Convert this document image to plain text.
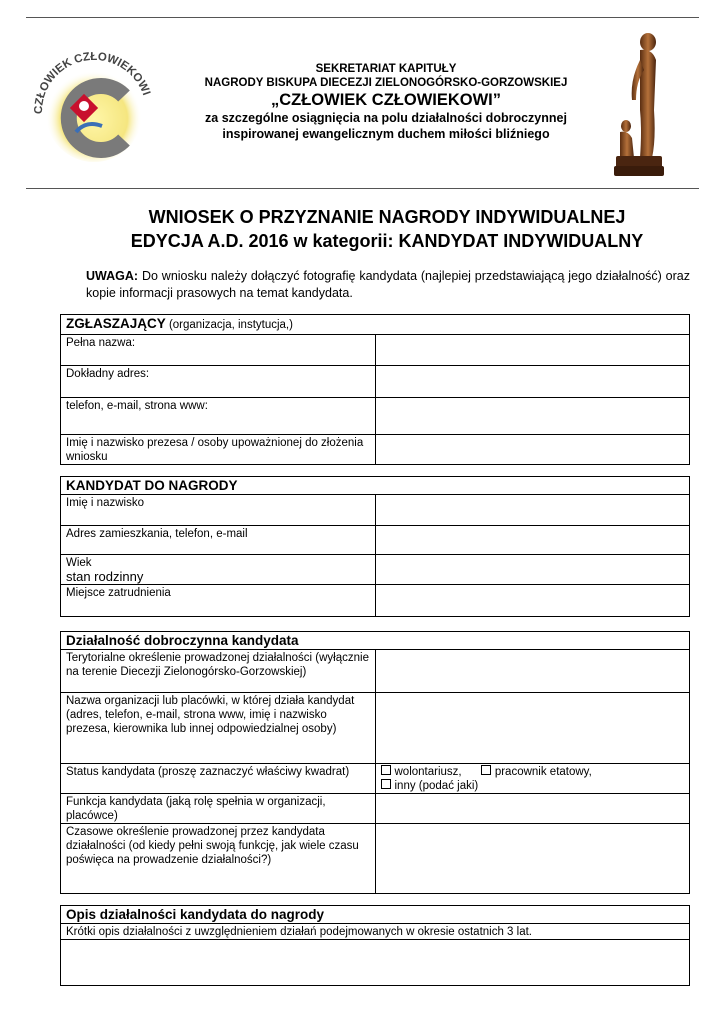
CZŁOWIEK CZŁOWIEKOWI
SEKRETARIAT KAPITUŁY
NAGRODY BISKUPA DIECEZJI ZIELONOGÓRSKO-GORZOWSKIEJ
„CZŁOWIEK CZŁOWIEKOWI”
za szczególne osiągnięcia na polu działalności dobroczynnej
inspirowanej ewangelicznym duchem miłości bliźniego
WNIOSEK O PRZYZNANIE NAGRODY INDYWIDUALNEJ
EDYCJA A.D. 2016 w kategorii: KANDYDAT INDYWIDUALNY
UWAGA: Do wniosku należy dołączyć fotografię kandydata (najlepiej przedstawiającą jego działalność) oraz kopie informacji prasowych na temat kandydata.
ZGŁASZAJĄCY (organizacja, instytucja,)	
Pełna nazwa:	
Dokładny adres:	
telefon, e-mail, strona www:	
Imię i nazwisko prezesa / osoby upoważnionej do złożenia wniosku	
KANDYDAT DO NAGRODY	
Imię i nazwisko	
Adres zamieszkania, telefon, e-mail	

Wiek
stan rodzinny	

Miejsce zatrudnienia	
Działalność dobroczynna kandydata	
Terytorialne określenie prowadzonej działalności (wyłącznie na terenie Diecezji Zielonogórsko-Gorzowskiej)	
Nazwa organizacji lub placówki, w której działa kandydat (adres, telefon, e-mail, strona www, imię i nazwisko prezesa, kierownika lub innej odpowiedzialnej osoby)	
Status kandydata (proszę zaznaczyć właściwy kwadrat)	wolontariusz, pracownik etatowy, inny (podać jaki)
Funkcja kandydata (jaką rolę spełnia w organizacji, placówce)	
Czasowe określenie prowadzonej przez kandydata działalności (od kiedy pełni swoją funkcję, jak wiele czasu poświęca na prowadzenie działalności?)	
Opis działalności kandydata do nagrody
Krótki opis działalności z uwzględnieniem działań podejmowanych w okresie ostatnich 3 lat.
